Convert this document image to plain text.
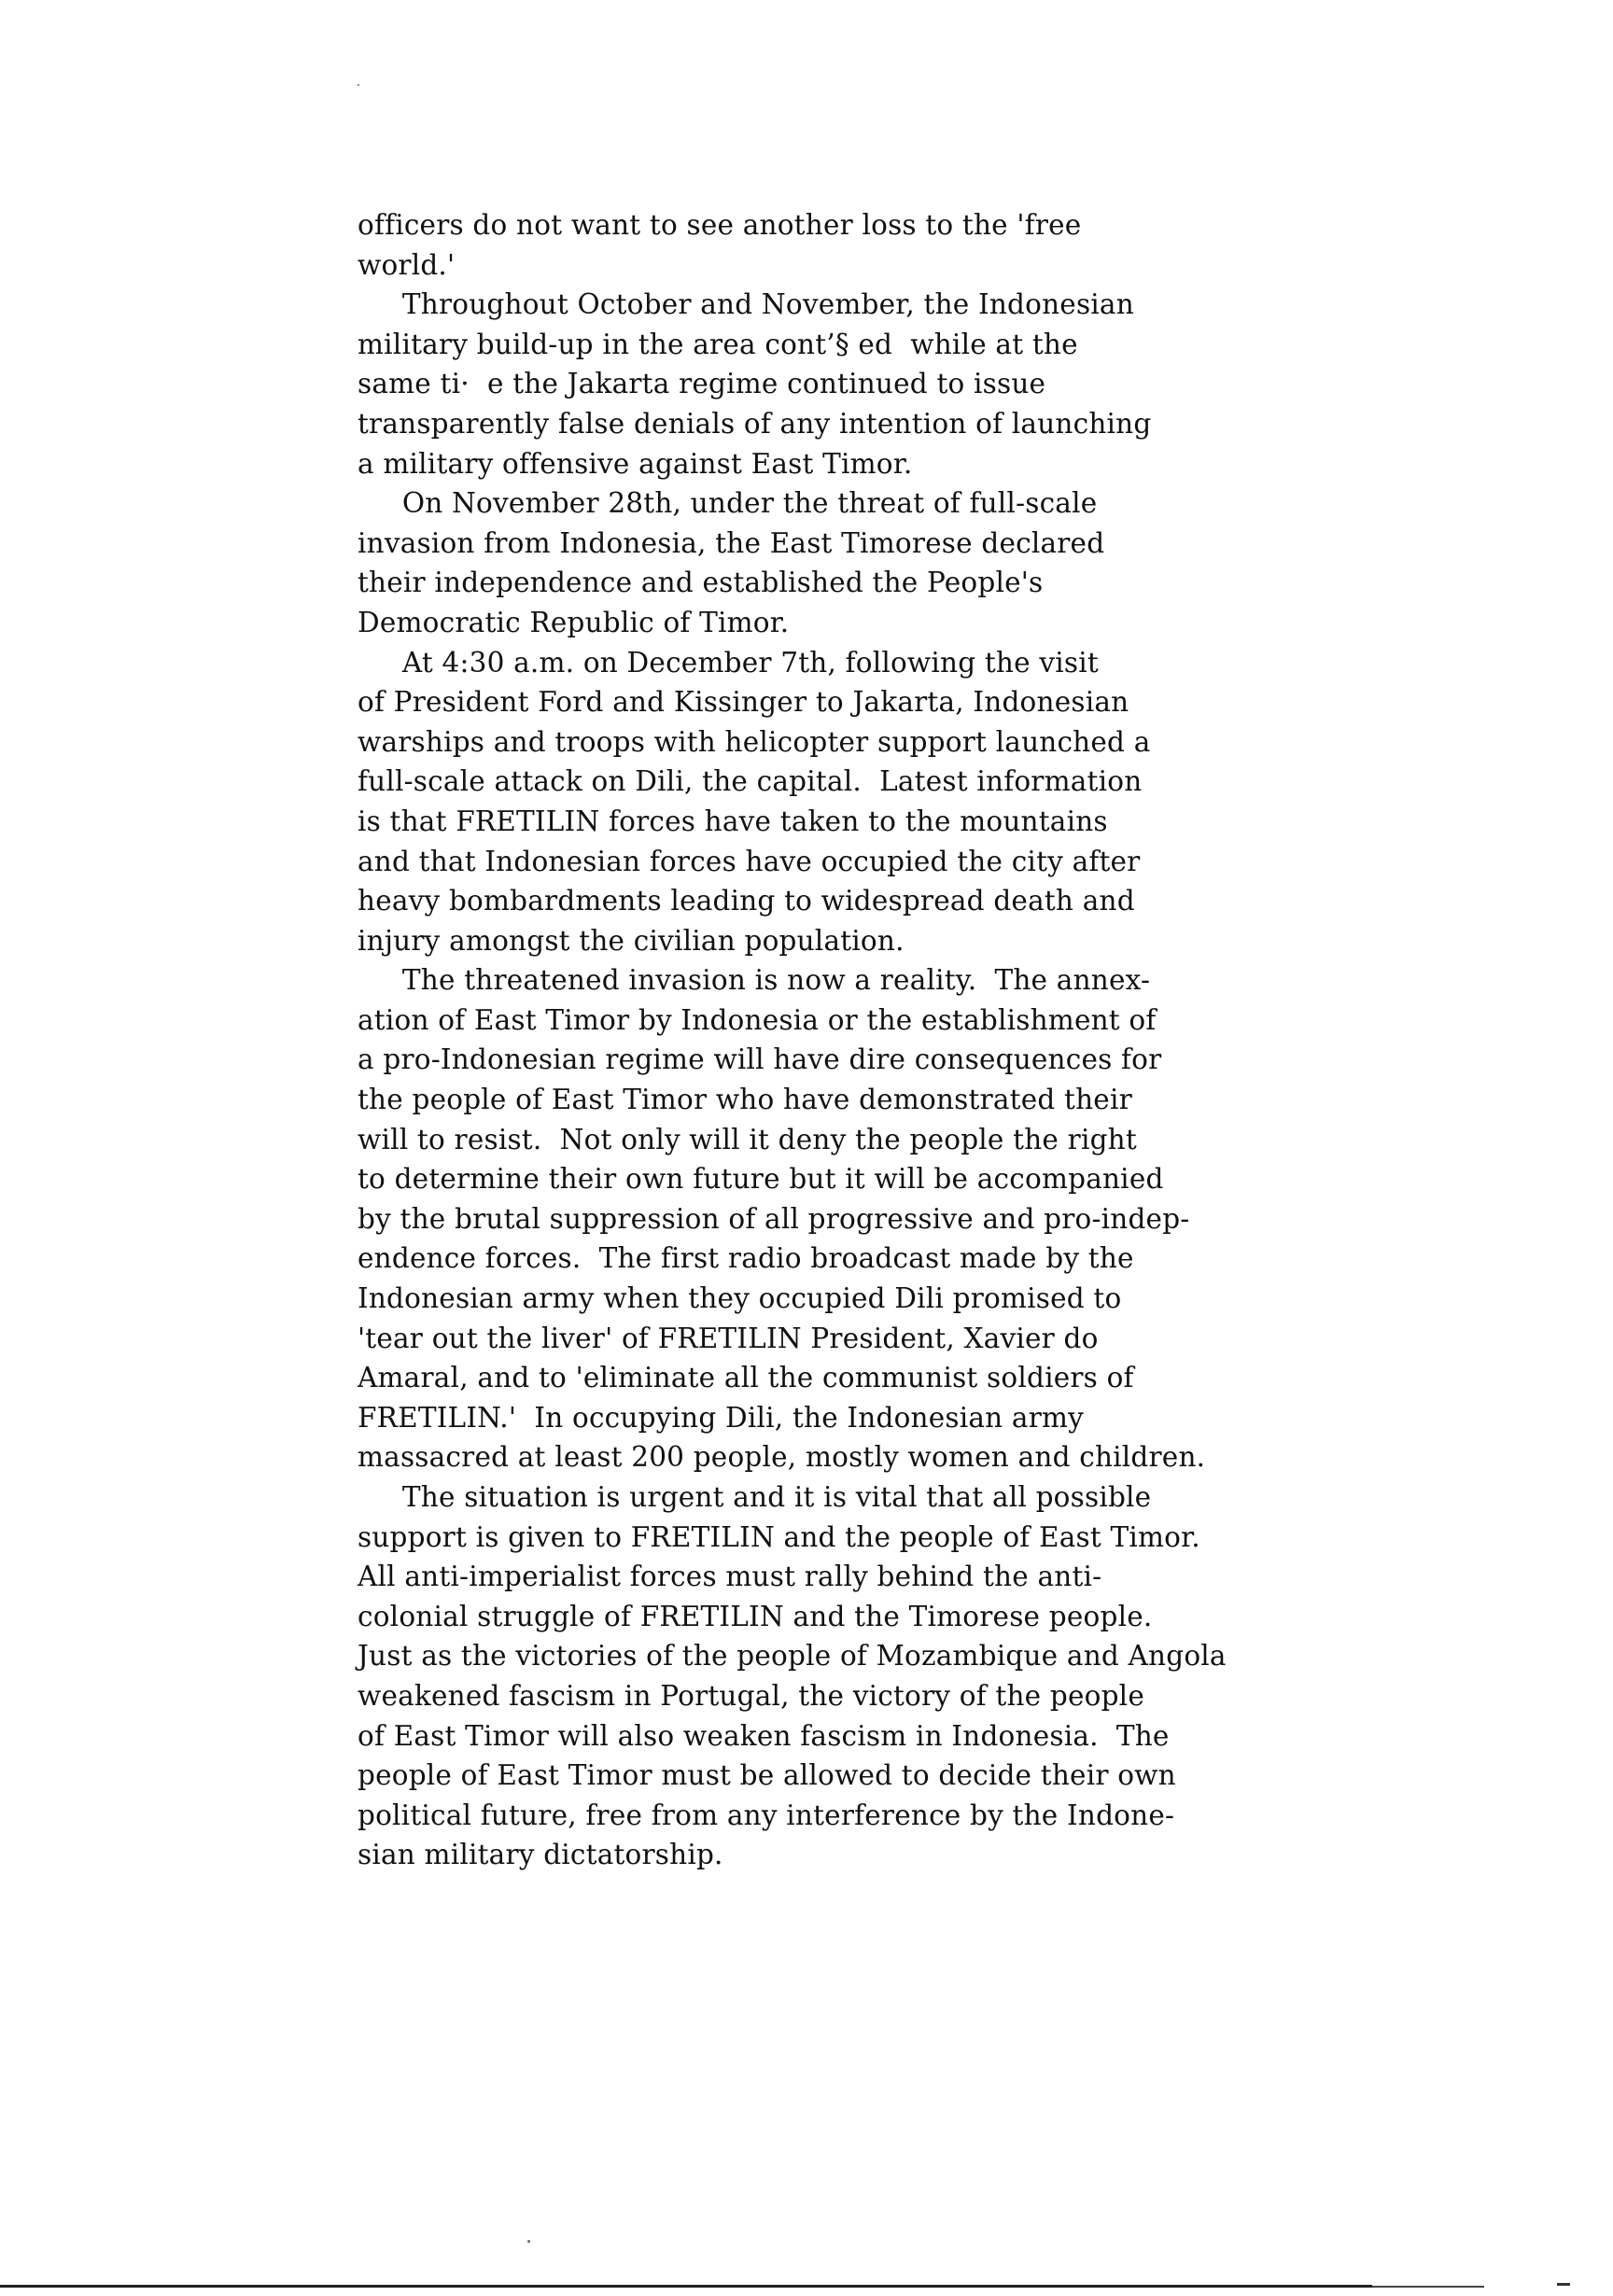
officers do not want to see another loss to the 'free
world.'
Throughout October and November, the Indonesian
military build-up in the area cont’§ ed  while at the
same ti·  e the Jakarta regime continued to issue
transparently false denials of any intention of launching
a military offensive against East Timor.
On November 28th, under the threat of full-scale
invasion from Indonesia, the East Timorese declared
their independence and established the People's
Democratic Republic of Timor.
At 4:30 a.m. on December 7th, following the visit
of President Ford and Kissinger to Jakarta, Indonesian
warships and troops with helicopter support launched a
full-scale attack on Dili, the capital.  Latest information
is that FRETILIN forces have taken to the mountains
and that Indonesian forces have occupied the city after
heavy bombardments leading to widespread death and
injury amongst the civilian population.
The threatened invasion is now a reality.  The annex-
ation of East Timor by Indonesia or the establishment of
a pro-Indonesian regime will have dire consequences for
the people of East Timor who have demonstrated their
will to resist.  Not only will it deny the people the right
to determine their own future but it will be accompanied
by the brutal suppression of all progressive and pro-indep-
endence forces.  The first radio broadcast made by the
Indonesian army when they occupied Dili promised to
'tear out the liver' of FRETILIN President, Xavier do
Amaral, and to 'eliminate all the communist soldiers of
FRETILIN.'  In occupying Dili, the Indonesian army
massacred at least 200 people, mostly women and children.
The situation is urgent and it is vital that all possible
support is given to FRETILIN and the people of East Timor.
All anti-imperialist forces must rally behind the anti-
colonial struggle of FRETILIN and the Timorese people.
Just as the victories of the people of Mozambique and Angola
weakened fascism in Portugal, the victory of the people
of East Timor will also weaken fascism in Indonesia.  The
people of East Timor must be allowed to decide their own
political future, free from any interference by the Indone-
sian military dictatorship.
